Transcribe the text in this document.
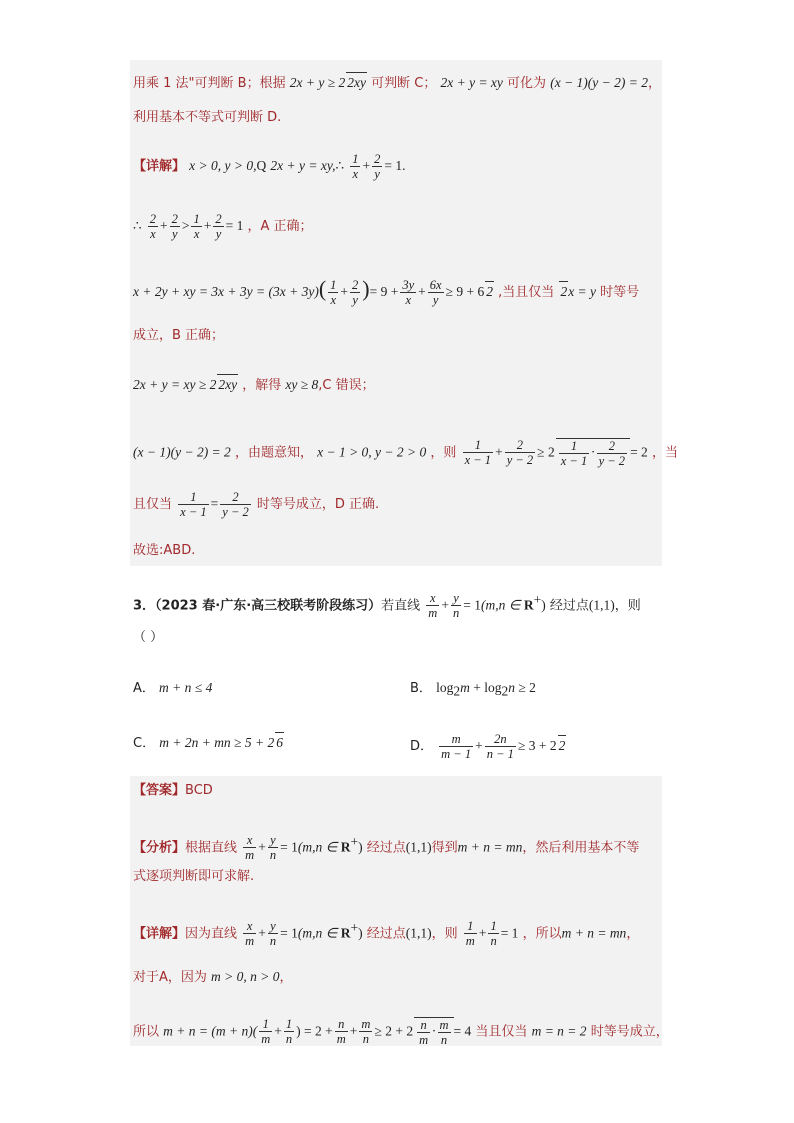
用乘 1 法"可判断 B；根据 2x + y ≥ 2 2xy 可判断 C； 2x + y = xy 可化为 (x − 1)(y − 2) = 2，
利用基本不等式可判断 D.
【详解】 x > 0, y > 0,Q 2x + y = xy,∴ $\frac{1}{x} + \frac{2}{y} = 1$.
∴ $\frac{2}{x} + \frac{2}{y} > \frac{1}{x} + \frac{2}{y} = 1$ ，A 正确；
x + 2y + xy = $3x + 3y = (3x + 3y)( \frac{1}{x} + \frac{2}{y}$ )= $9 + \frac{3y}{x} + \frac{6x}{y} \ge 9 + 6$ 2 ,当且仅当 2x = y 时等号
成立，B 正确；
2x + y = xy ≥ 2 2xy ，解得 xy ≥ 8,C 错误；
(x − 1)(y − 2) = 2 ，由题意知， x − 1 > 0, y − 2 > 0 ，则 $\frac{1}{x - 1} + \frac{2}{y - 2} \ge 2 \frac{1}{x - 1} \cdot \frac{2}{y - 2} = 2$ ，当
且仅当 $\frac{1}{x - 1} = \frac{2}{y - 2}$ 时等号成立，D 正确.
故选:ABD.
3．（2023 春·广东·高三校联考阶段练习）若直线 $\frac{x}{m} + \frac{y}{n} = 1(m,n$ ∈ R+) 经过点(1,1)，则
（ ）
A． m + n ≤ 4	B． $\log_2m + \log_2n \ge 2$
C． m + 2n + mn ≥ 5 + 2 6	D． $\frac{m}{m - 1} + \frac{2n}{n - 1} \ge 3 + 2$ 2
【答案】BCD
【分析】根据直线 $\frac{x}{m} + \frac{y}{n} = 1(m,n$ ∈ R+) 经过点(1,1)得到m + n = mn，然后利用基本不等
式逐项判断即可求解.
【详解】因为直线 $\frac{x}{m} + \frac{y}{n} = 1(m,n$ ∈ R+) 经过点(1,1)，则 $\frac{1}{m} + \frac{1}{n} = 1$ ，所以m + n = mn，
对于A，因为 m > 0, n > 0，
所以 $m + n = (m + n)( \frac{1}{m} + \frac{1}{n}$ ) = $2 + \frac{n}{m} + \frac{m}{n} \ge 2 + 2 \frac{n}{m} \cdot \frac{m}{n} = 4$ 当且仅当 m = n = 2 时等号成立，
